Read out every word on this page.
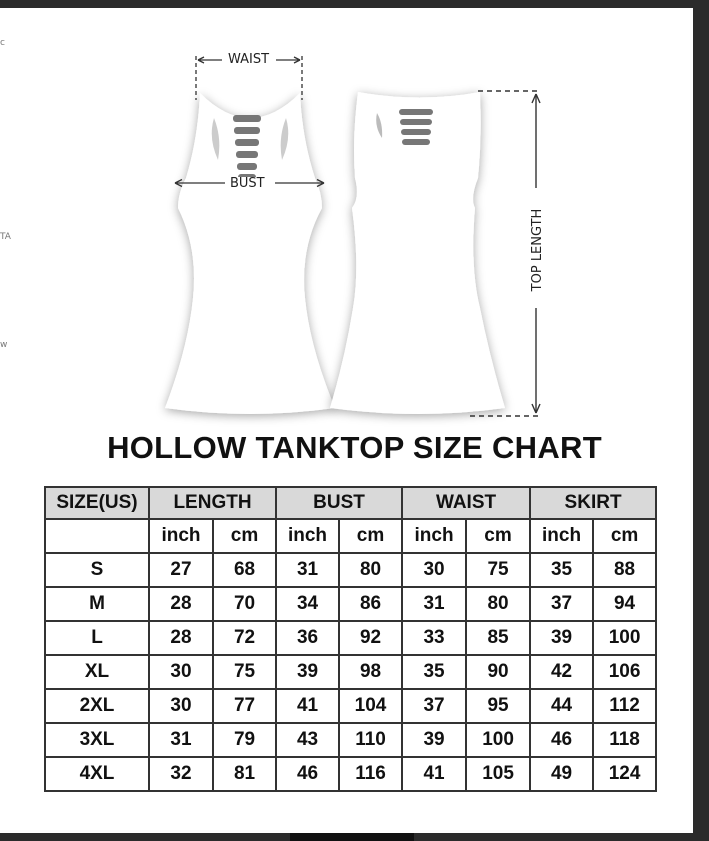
c
TA
w
WAIST
BUST
TOP LENGTH
HOLLOW TANKTOP SIZE CHART
SIZE(US)	LENGTH		BUST		WAIST		SKIRT	
	inch	cm	inch	cm	inch	cm	inch	cm
S	27	68	31	80	30	75	35	88
M	28	70	34	86	31	80	37	94
L	28	72	36	92	33	85	39	100
XL	30	75	39	98	35	90	42	106
2XL	30	77	41	104	37	95	44	112
3XL	31	79	43	110	39	100	46	118
4XL	32	81	46	116	41	105	49	124
